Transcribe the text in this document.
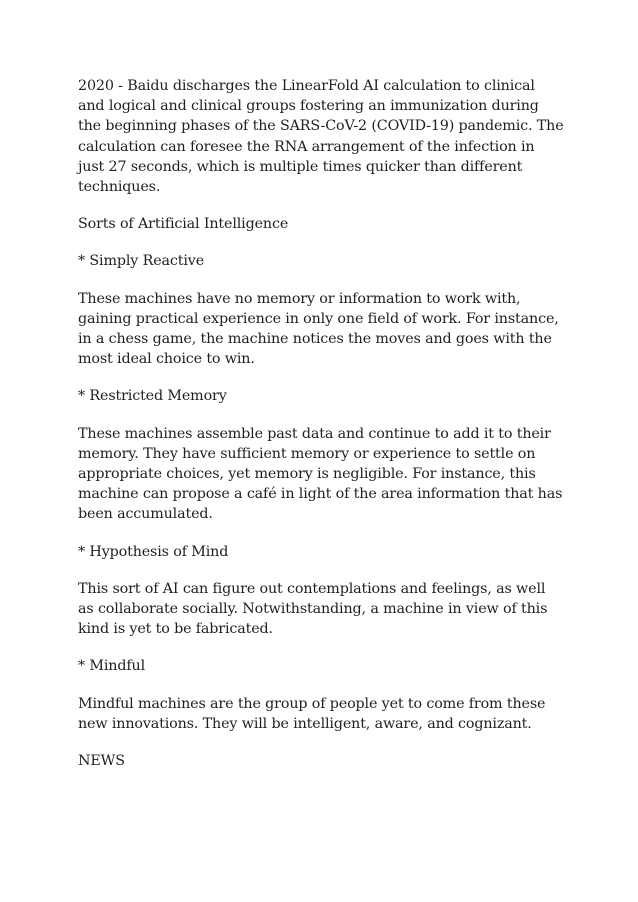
2020 - Baidu discharges the LinearFold AI calculation to clinical and logical and clinical groups fostering an immunization during the beginning phases of the SARS-CoV-2 (COVID-19) pandemic. The calculation can foresee the RNA arrangement of the infection in just 27 seconds, which is multiple times quicker than different techniques.

Sorts of Artificial Intelligence

* Simply Reactive

These machines have no memory or information to work with, gaining practical experience in only one field of work. For instance, in a chess game, the machine notices the moves and goes with the most ideal choice to win.

* Restricted Memory

These machines assemble past data and continue to add it to their memory. They have sufficient memory or experience to settle on appropriate choices, yet memory is negligible. For instance, this machine can propose a café in light of the area information that has been accumulated.

* Hypothesis of Mind

This sort of AI can figure out contemplations and feelings, as well as collaborate socially. Notwithstanding, a machine in view of this kind is yet to be fabricated.

* Mindful

Mindful machines are the group of people yet to come from these new innovations. They will be intelligent, aware, and cognizant.

NEWS
